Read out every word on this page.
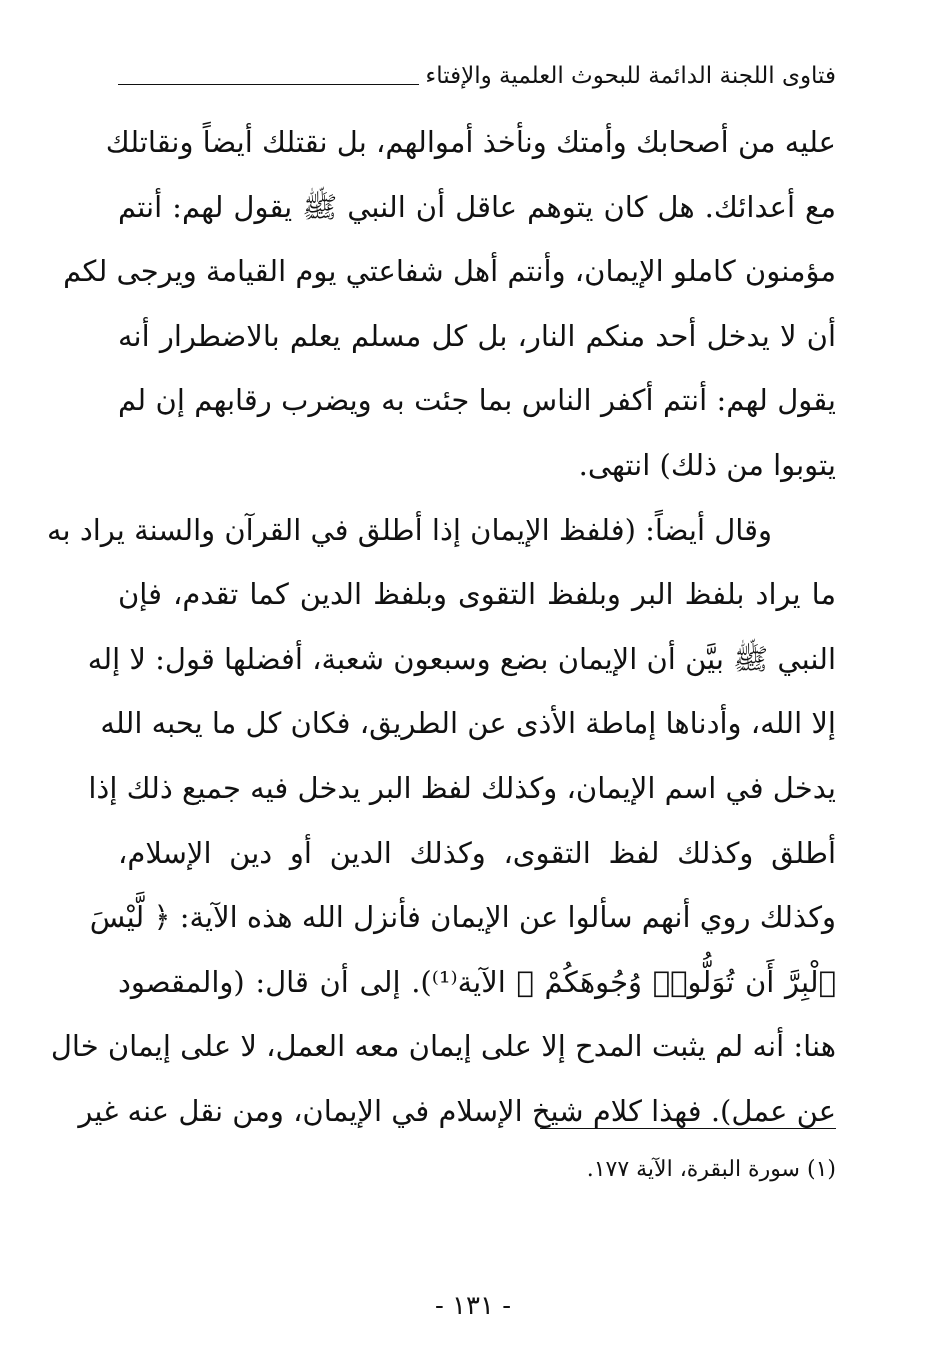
فتاوى اللجنة الدائمة للبحوث العلمية والإفتاء
عليه من أصحابك وأمتك ونأخذ أموالهم، بل نقتلك أيضاً ونقاتلك
مع أعدائك. هل كان يتوهم عاقل أن النبي ﷺ يقول لهم: أنتم
مؤمنون كاملو الإيمان، وأنتم أهل شفاعتي يوم القيامة ويرجى لكم
أن لا يدخل أحد منكم النار، بل كل مسلم يعلم بالاضطرار أنه
يقول لهم: أنتم أكفر الناس بما جئت به ويضرب رقابهم إن لم
يتوبوا من ذلك) انتهى.
وقال أيضاً: (فلفظ الإيمان إذا أطلق في القرآن والسنة يراد به
ما يراد بلفظ البر وبلفظ التقوى وبلفظ الدين كما تقدم، فإن
النبي ﷺ بيَّن أن الإيمان بضع وسبعون شعبة، أفضلها قول: لا إله
إلا الله، وأدناها إماطة الأذى عن الطريق، فكان كل ما يحبه الله
يدخل في اسم الإيمان، وكذلك لفظ البر يدخل فيه جميع ذلك إذا
أطلق وكذلك لفظ التقوى، وكذلك الدين أو دين الإسلام،
وكذلك روي أنهم سألوا عن الإيمان فأنزل الله هذه الآية: ﴿ لَّيْسَ
ٱلْبِرَّ أَن تُوَلُّوا۟ وُجُوهَكُمْ ﴾ الآية⁽¹⁾). إلى أن قال: (والمقصود
هنا: أنه لم يثبت المدح إلا على إيمان معه العمل، لا على إيمان خال
عن عمل). فهذا كلام شيخ الإسلام في الإيمان، ومن نقل عنه غير
(١) سورة البقرة، الآية ١٧٧.
- ١٣١ -
